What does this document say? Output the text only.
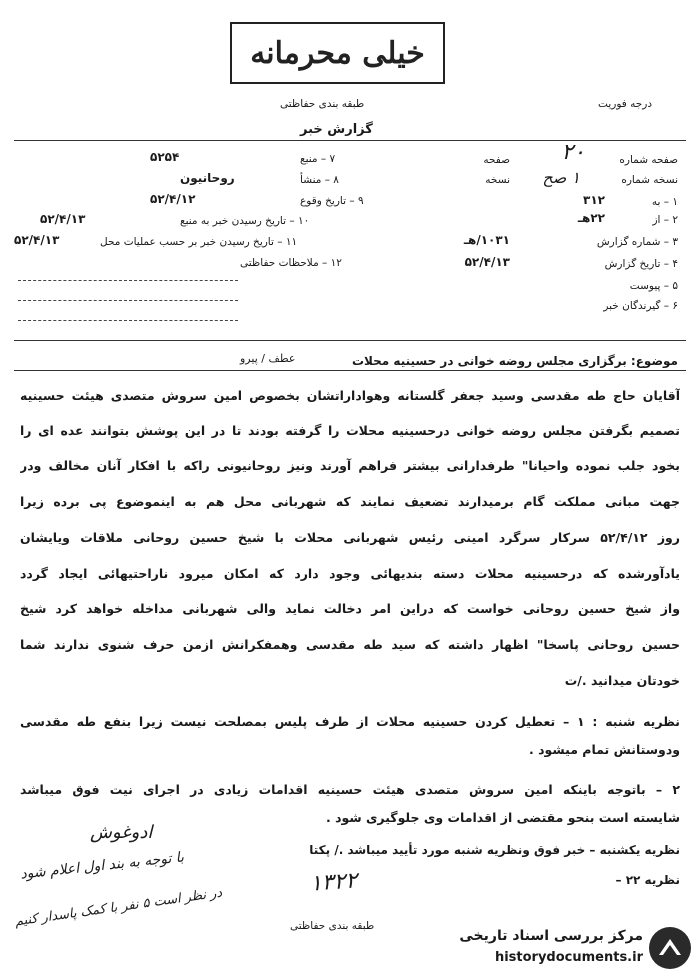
خیلی محرمانه
طبقه بندی حفاظتی	درجه فوریت
گزارش خبر
صفحه شماره
صفحه ۲۰
نسخه شماره
نسخه ۱ صح
۱ – به
۳۱۲
۲ – از
۲۲هـ
۳ – شماره گزارش
۱۰۳۱/هـ
۴ – تاریخ گزارش
۵۲/۴/۱۳
۵ – پیوست
۶ – گیرندگان خبر
۷ – منبع
۵۲۵۴
۸ – منشأ
روحانیون
۹ – تاریخ وقوع
۵۲/۴/۱۲
۱۰ – تاریخ رسیدن خبر به منبع
۵۲/۴/۱۳
۱۱ – تاریخ رسیدن خبر بر حسب عملیات محل
۵۲/۴/۱۳
۱۲ – ملاحظات حفاظتی
موضوع: برگزاری مجلس روضه خوانی در حسینیه محلات
عطف / پیرو
آقایان حاج طه مقدسی وسید جعفر گلستانه وهواداراتشان بخصوص امین سروش متصدی هیئت حسینیه
تصمیم بگرفتن مجلس روضه خوانی درحسینیه محلات را گرفته بودند تا در این پوشش بتوانند عده ای را
بخود جلب نموده واحیانا" طرفدارانی بیشتر فراهم آورند ونیز روحانیونی راکه با افکار آنان مخالف ودر
جهت مبانی مملکت گام برمیدارند تضعیف نمایند که شهربانی محل هم به اینموضوع پی برده زیرا
روز ۵۲/۴/۱۲ سرکار سرگرد امینی رئیس شهربانی محلات با شیخ حسین روحانی ملاقات ویایشان
یادآورشده که درحسینیه محلات دسته بندیهائی وجود دارد که امکان میرود ناراحتیهائی ایجاد گردد
واز شیخ حسین روحانی خواست که دراین امر دخالت نماید والی شهربانی مداخله خواهد کرد شیخ
حسین روحانی پاسخا" اظهار داشته که سید طه مقدسی وهمفکرانش ازمن حرف شنوی ندارند شما
خودتان میدانید ./ت
نظریه شنبه : ۱ – تعطیل کردن حسینیه محلات از طرف پلیس بمصلحت نیست زیرا بنفع طه مقدسی
ودوستانش تمام میشود .
۲ – باتوجه باینکه امین سروش متصدی هیئت حسینیه اقدامات زیادی در اجرای نیت فوق میباشد
شایسته است بنحو مقتضی از اقدامات وی جلوگیری شود .
نظریه یکشنبه – خبر فوق ونظریه شنبه مورد تأیید میباشد ./ پکتا
نظریه ۲۲ –
ادوغوش
با توجه به بند اول اعلام شود
در نظر است ۵ نفر با کمک پاسدار کنیم
۱۳۲۲
طبقه بندی حفاظتی
مرکز بررسی اسناد تاریخی
historydocuments.ir
